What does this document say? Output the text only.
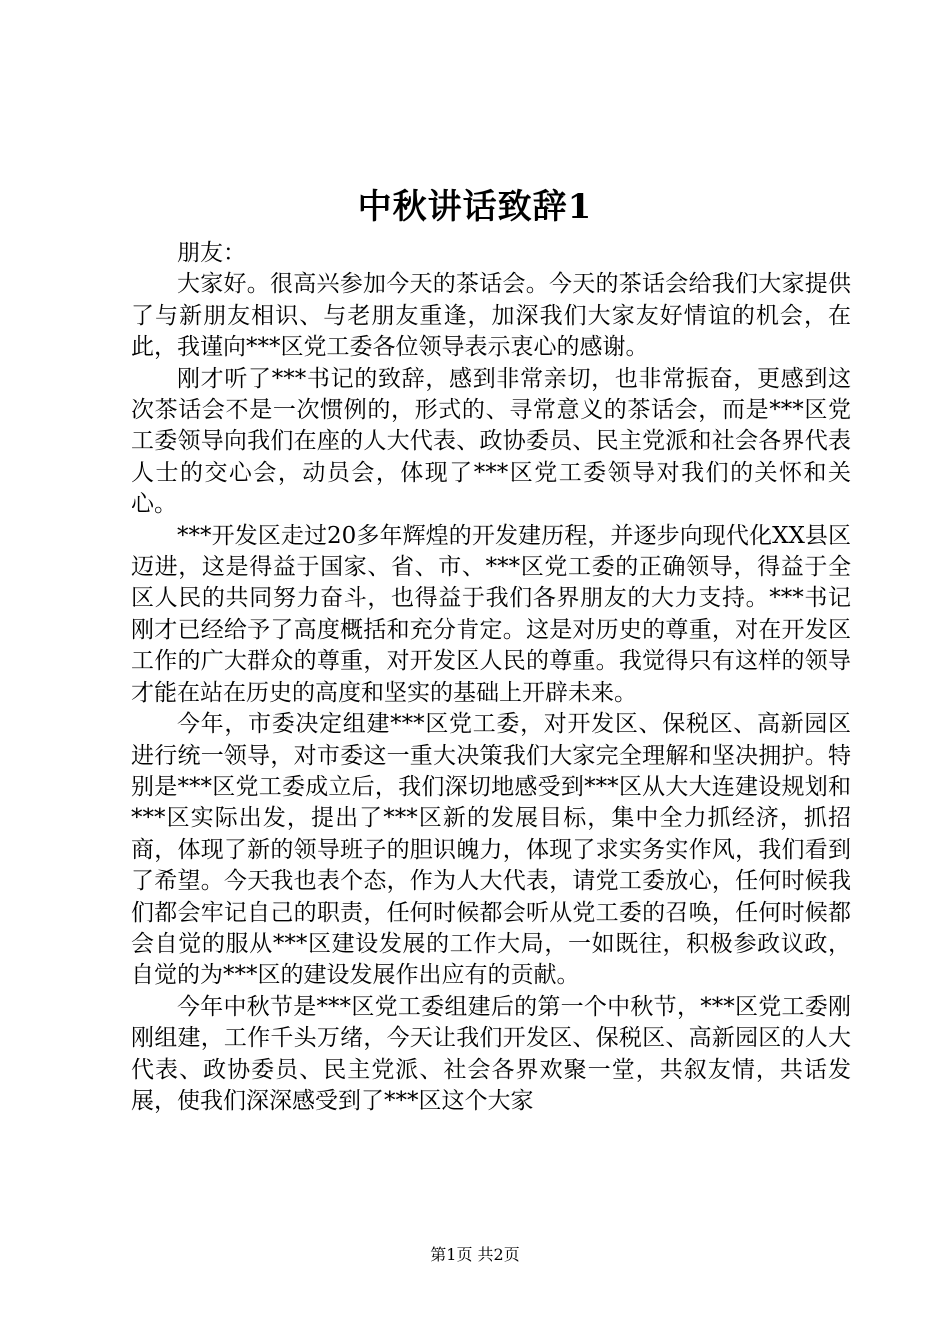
中秋讲话致辞1

朋友：

大家好。很高兴参加今天的茶话会。今天的茶话会给我们大家提供了与新朋友相识、与老朋友重逢，加深我们大家友好情谊的机会，在此，我谨向***区党工委各位领导表示衷心的感谢。

刚才听了***书记的致辞，感到非常亲切，也非常振奋，更感到这次茶话会不是一次惯例的，形式的、寻常意义的茶话会，而是***区党工委领导向我们在座的人大代表、政协委员、民主党派和社会各界代表人士的交心会，动员会，体现了***区党工委领导对我们的关怀和关心。

***开发区走过20多年辉煌的开发建历程，并逐步向现代化XX县区迈进，这是得益于国家、省、市、***区党工委的正确领导，得益于全区人民的共同努力奋斗，也得益于我们各界朋友的大力支持。***书记刚才已经给予了高度概括和充分肯定。这是对历史的尊重，对在开发区工作的广大群众的尊重，对开发区人民的尊重。我觉得只有这样的领导才能在站在历史的高度和坚实的基础上开辟未来。

今年，市委决定组建***区党工委，对开发区、保税区、高新园区进行统一领导，对市委这一重大决策我们大家完全理解和坚决拥护。特别是***区党工委成立后，我们深切地感受到***区从大大连建设规划和***区实际出发，提出了***区新的发展目标，集中全力抓经济，抓招商，体现了新的领导班子的胆识魄力，体现了求实务实作风，我们看到了希望。今天我也表个态，作为人大代表，请党工委放心，任何时候我们都会牢记自己的职责，任何时候都会听从党工委的召唤，任何时候都会自觉的服从***区建设发展的工作大局，一如既往，积极参政议政，自觉的为***区的建设发展作出应有的贡献。

今年中秋节是***区党工委组建后的第一个中秋节，***区党工委刚刚组建，工作千头万绪，今天让我们开发区、保税区、高新园区的人大代表、政协委员、民主党派、社会各界欢聚一堂，共叙友情，共话发展，使我们深深感受到了***区这个大家

第1页 共2页
